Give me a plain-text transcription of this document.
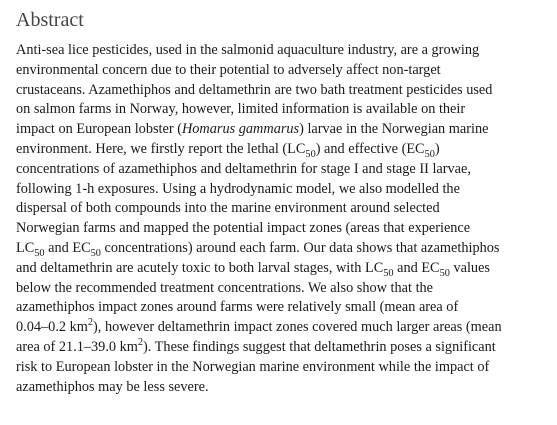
Abstract

Anti-sea lice pesticides, used in the salmonid aquaculture industry, are a growing
environmental concern due to their potential to adversely affect non-target
crustaceans. Azamethiphos and deltamethrin are two bath treatment pesticides used
on salmon farms in Norway, however, limited information is available on their
impact on European lobster (Homarus gammarus) larvae in the Norwegian marine
environment. Here, we firstly report the lethal $(LC_{50})$ and effective $(EC_{50})$
concentrations of azamethiphos and deltamethrin for stage I and stage II larvae,
following 1-h exposures. Using a hydrodynamic model, we also modelled the
dispersal of both compounds into the marine environment around selected
Norwegian farms and mapped the potential impact zones (areas that experience
$LC_{50}$ and $EC_{50}$ concentrations) around each farm. Our data shows that azamethiphos
and deltamethrin are acutely toxic to both larval stages, with $LC_{50}$ and $EC_{50}$ values
below the recommended treatment concentrations. We also show that the
azamethiphos impact zones around farms were relatively small (mean area of
0.04–0.2 $km^2$), however deltamethrin impact zones covered much larger areas (mean
area of 21.1–39.0 $km^2$). These findings suggest that deltamethrin poses a significant
risk to European lobster in the Norwegian marine environment while the impact of
azamethiphos may be less severe.
